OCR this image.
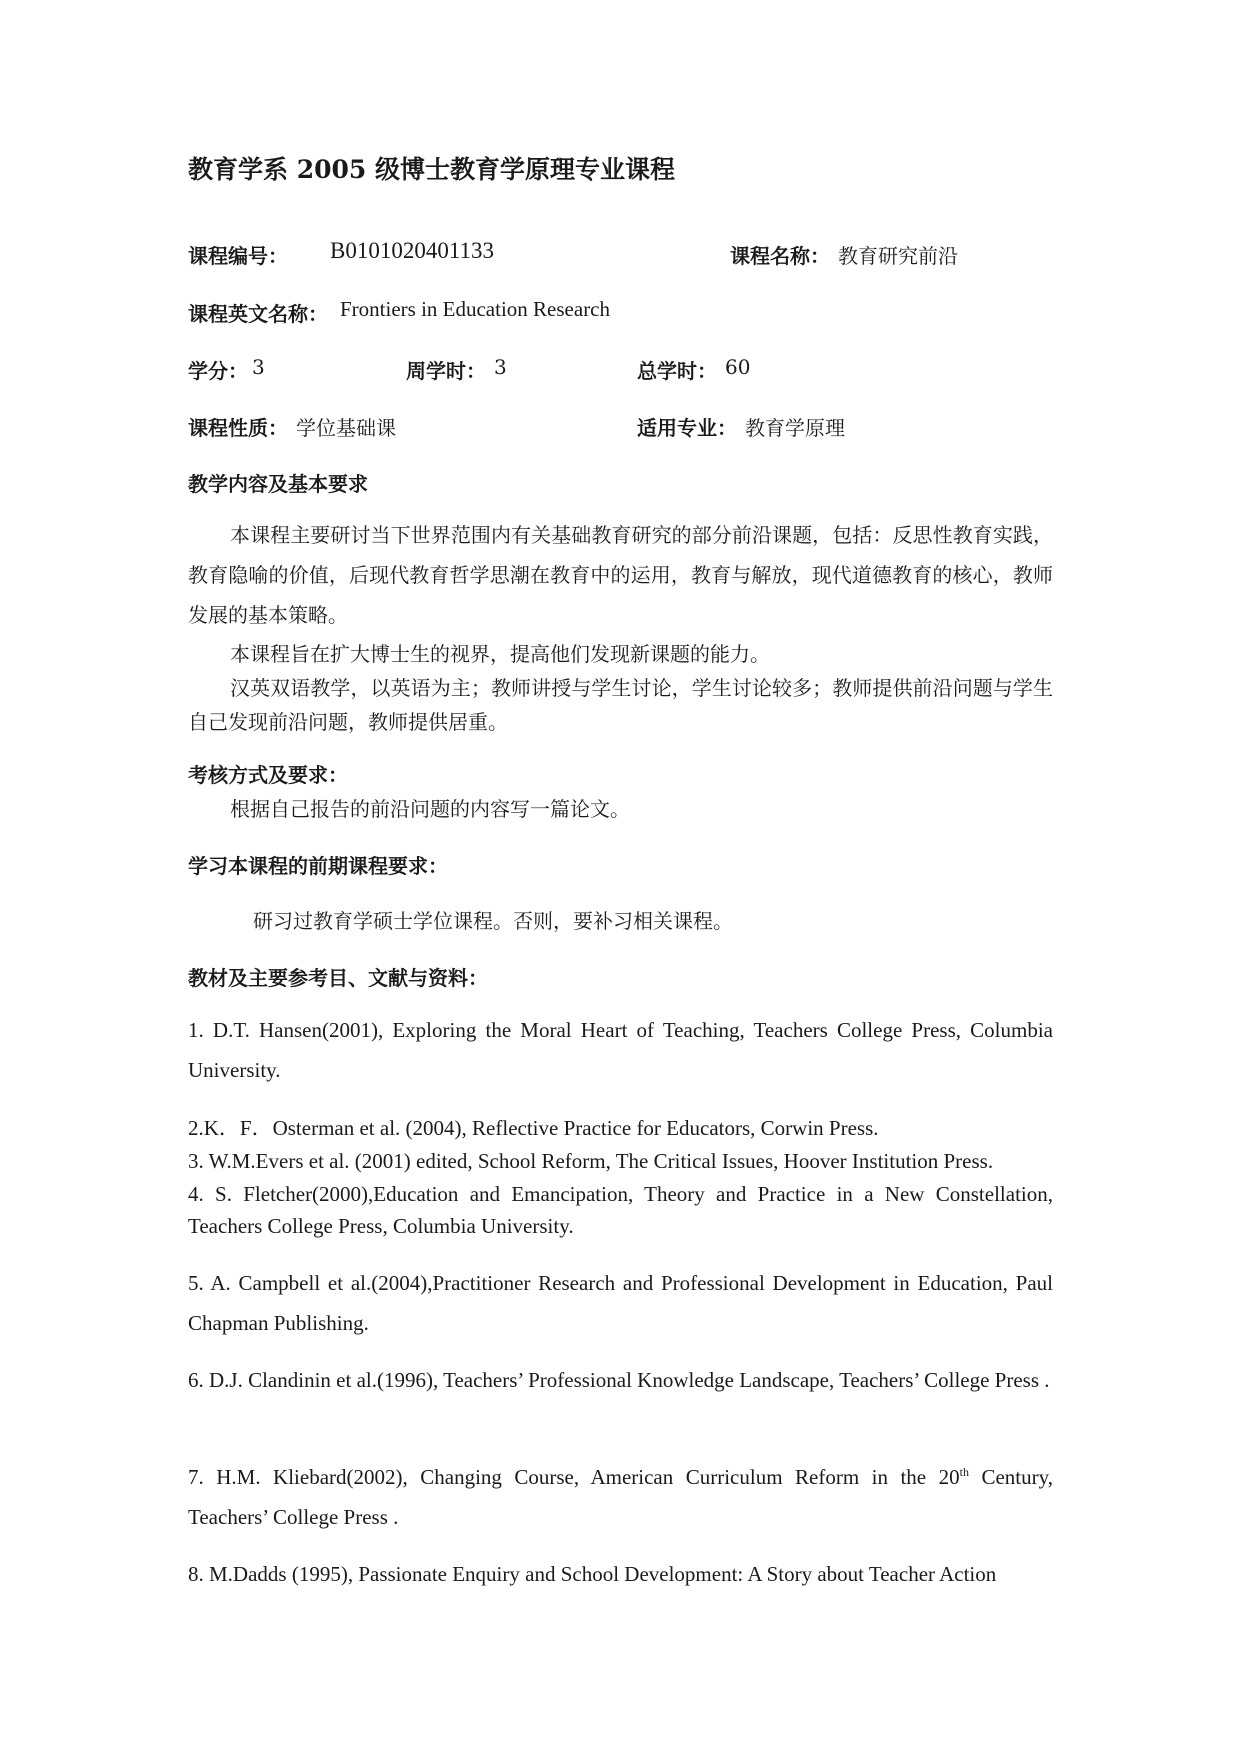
教育学系 2005 级博士教育学原理专业课程
课程编号： B0101020401133	课程名称： 教育研究前沿
课程英文名称： Frontiers in Education Research
学分： 3	周学时： 3	总学时： 60
课程性质： 学位基础课	适用专业： 教育学原理
教学内容及基本要求
本课程主要研讨当下世界范围内有关基础教育研究的部分前沿课题，包括：反思性教育实践，教育隐喻的价值，后现代教育哲学思潮在教育中的运用，教育与解放，现代道德教育的核心，教师发展的基本策略。
本课程旨在扩大博士生的视界，提高他们发现新课题的能力。
汉英双语教学，以英语为主；教师讲授与学生讨论，学生讨论较多；教师提供前沿问题与学生自己发现前沿问题，教师提供居重。
考核方式及要求：
根据自己报告的前沿问题的内容写一篇论文。
学习本课程的前期课程要求：
研习过教育学硕士学位课程。否则，要补习相关课程。
教材及主要参考目、文献与资料：
1. D.T. Hansen(2001), Exploring the Moral Heart of Teaching, Teachers College Press, Columbia University.
2.K．F．Osterman et al. (2004), Reflective Practice for Educators, Corwin Press.
3. W.M.Evers et al. (2001) edited, School Reform, The Critical Issues, Hoover Institution Press.
4. S. Fletcher(2000),Education and Emancipation, Theory and Practice in a New Constellation, Teachers College Press, Columbia University.
5. A. Campbell et al.(2004),Practitioner Research and Professional Development in Education, Paul Chapman Publishing.
6. D.J. Clandinin et al.(1996), Teachers’ Professional Knowledge Landscape, Teachers’ College Press .
7. H.M. Kliebard(2002), Changing Course, American Curriculum Reform in the 20th Century, Teachers’ College Press .
8. M.Dadds (1995), Passionate Enquiry and School Development: A Story about Teacher Action
